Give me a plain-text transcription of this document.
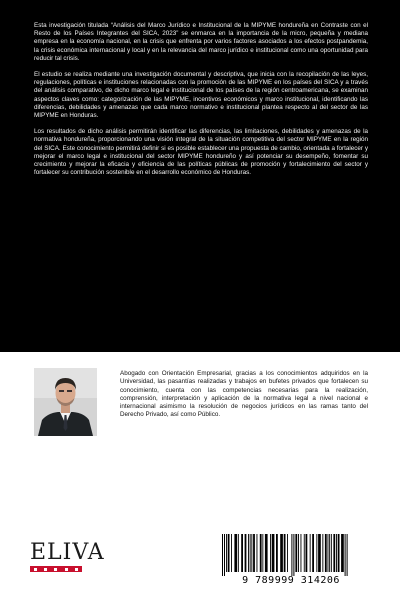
Esta investigación titulada “Análisis del Marco Jurídico e Institucional de la MIPYME hondureña en Contraste con el Resto de los Países Integrantes del SICA, 2023” se enmarca en la importancia de la micro, pequeña y mediana empresa en la economía nacional, en la crisis que enfrenta por varios factores asociados a los efectos postpandemia, la crisis económica internacional y local y en la relevancia del marco jurídico e institucional como una oportunidad para reducir tal crisis.

El estudio se realiza mediante una investigación documental y descriptiva, que inicia con la recopilación de las leyes, regulaciones, políticas e instituciones relacionadas con la promoción de las MIPYME en los países del SICA y a través del análisis comparativo, de dicho marco legal e institucional de los países de la región centroamericana, se examinan aspectos claves como: categorización de las MIPYME, incentivos económicos y marco institucional, identificando las diferencias, debilidades y amenazas que cada marco normativo e institucional plantea respecto al del sector de las MIPYME en Honduras.

Los resultados de dicho análisis permitirán identificar las diferencias, las limitaciones, debilidades y amenazas de la normativa hondureña, proporcionando una visión integral de la situación competitiva del sector MIPYME en la región del SICA. Este conocimiento permitirá definir si es posible establecer una propuesta de cambio, orientada a fortalecer y mejorar el marco legal e institucional del sector MIPYME hondureño y así potenciar su desempeño, fomentar su crecimiento y mejorar la eficacia y eficiencia de las políticas públicas de promoción y fortalecimiento del sector y fortalecer su contribución sostenible en el desarrollo económico de Honduras.

Abogado con Orientación Empresarial, gracias a los conocimientos adquiridos en la Universidad, las pasantías realizadas y trabajos en bufetes privados que fortalecen su conocimiento, cuenta con las competencias necesarias para la realización, comprensión, interpretación y aplicación de la normativa legal a nivel nacional e internacional asimismo la resolución de negocios jurídicos en las ramas tanto del Derecho Privado, así como Público.
ELIVA
9 789999 314206
